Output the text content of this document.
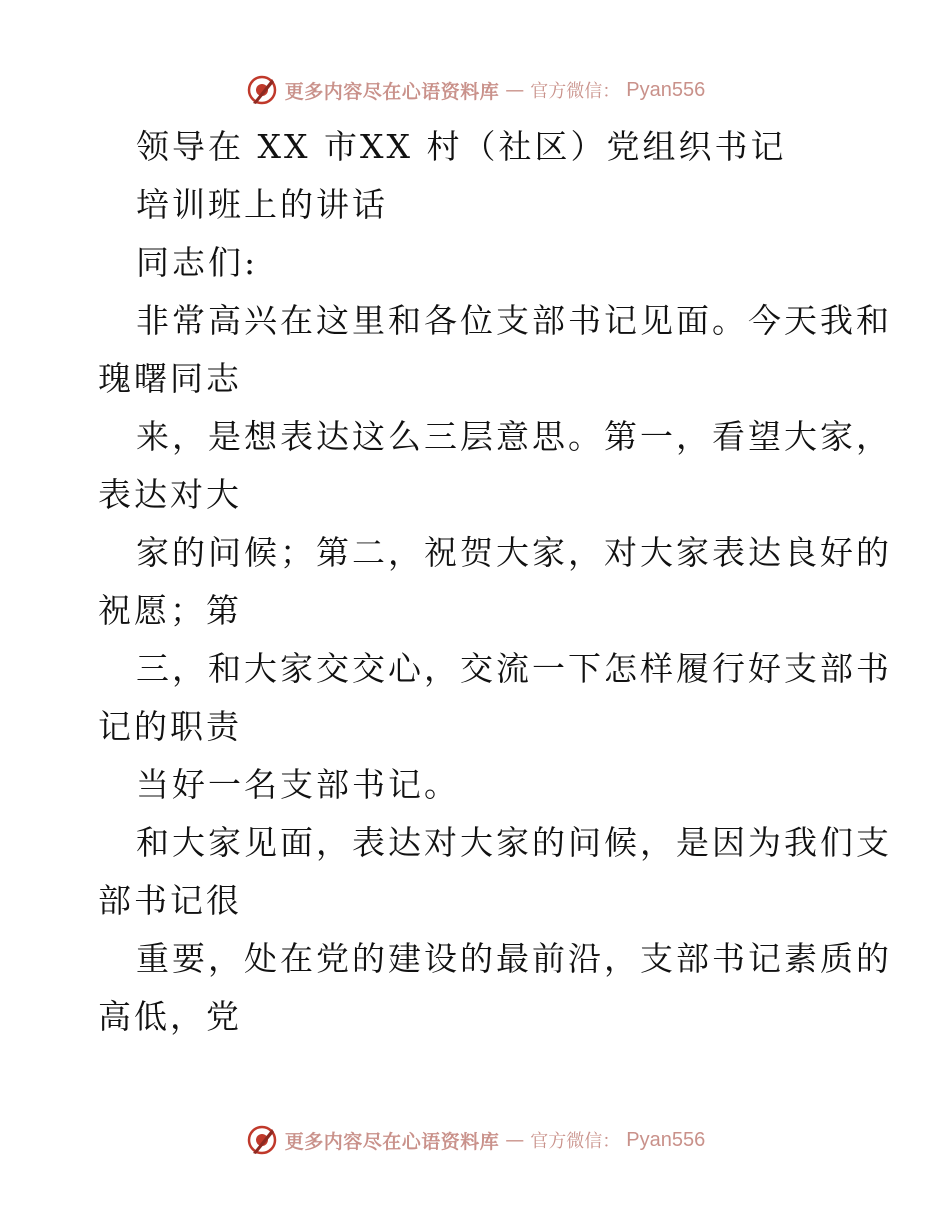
更多内容尽在心语资料库 — 官方微信： Pyan556
领导在 XX 市XX 村（社区）党组织书记
培训班上的讲话
同志们:
非常高兴在这里和各位支部书记见面。今天我和
瑰曙同志
来，是想表达这么三层意思。第一，看望大家，
表达对大
家的问候；第二，祝贺大家，对大家表达良好的
祝愿；第
三，和大家交交心，交流一下怎样履行好支部书
记的职责
当好一名支部书记。
和大家见面，表达对大家的问候，是因为我们支
部书记很
重要，处在党的建设的最前沿，支部书记素质的
高低，党
更多内容尽在心语资料库 — 官方微信： Pyan556
